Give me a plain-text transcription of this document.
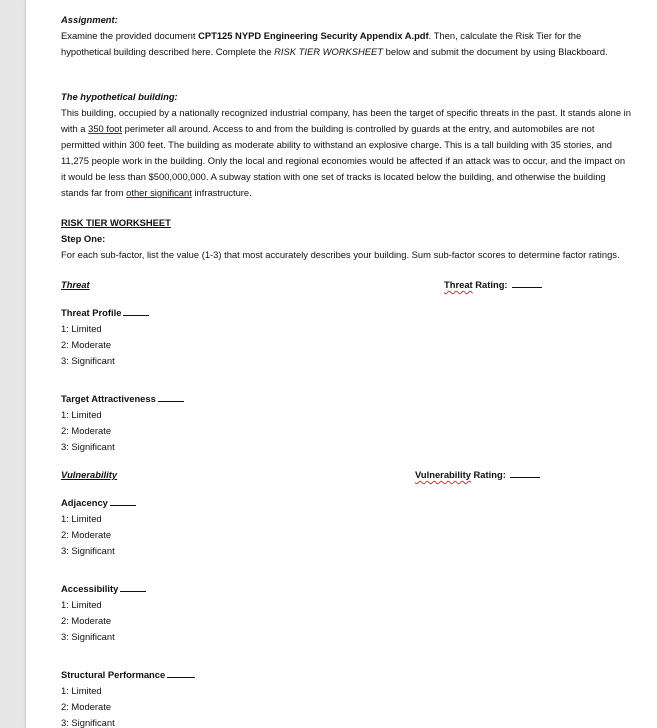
Assignment:

Examine the provided document CPT125 NYPD Engineering Security Appendix A.pdf. Then, calculate the Risk Tier for the hypothetical building described here. Complete the RISK TIER WORKSHEET below and submit the document by using Blackboard.

The hypothetical building:

This building, occupied by a nationally recognized industrial company, has been the target of specific threats in the past. It stands alone in with a 350 foot perimeter all around. Access to and from the building is controlled by guards at the entry, and automobiles are not permitted within 300 feet. The building as moderate ability to withstand an explosive charge. This is a tall building with 35 stories, and 11,275 people work in the building. Only the local and regional economies would be affected if an attack was to occur, and the impact on it would be less than $500,000,000. A subway station with one set of tracks is located below the building, and otherwise the building stands far from other significant infrastructure.

RISK TIER WORKSHEET

Step One:

For each sub-factor, list the value (1-3) that most accurately describes your building. Sum sub-factor scores to determine factor ratings.

Threat	Threat Rating:

Threat Profile

1: Limited

2: Moderate

3: Significant

Target Attractiveness

1: Limited

2: Moderate

3: Significant

Vulnerability	Vulnerability Rating:

Adjacency

1: Limited

2: Moderate

3: Significant

Accessibility

1: Limited

2: Moderate

3: Significant

Structural Performance

1: Limited

2: Moderate

3: Significant
